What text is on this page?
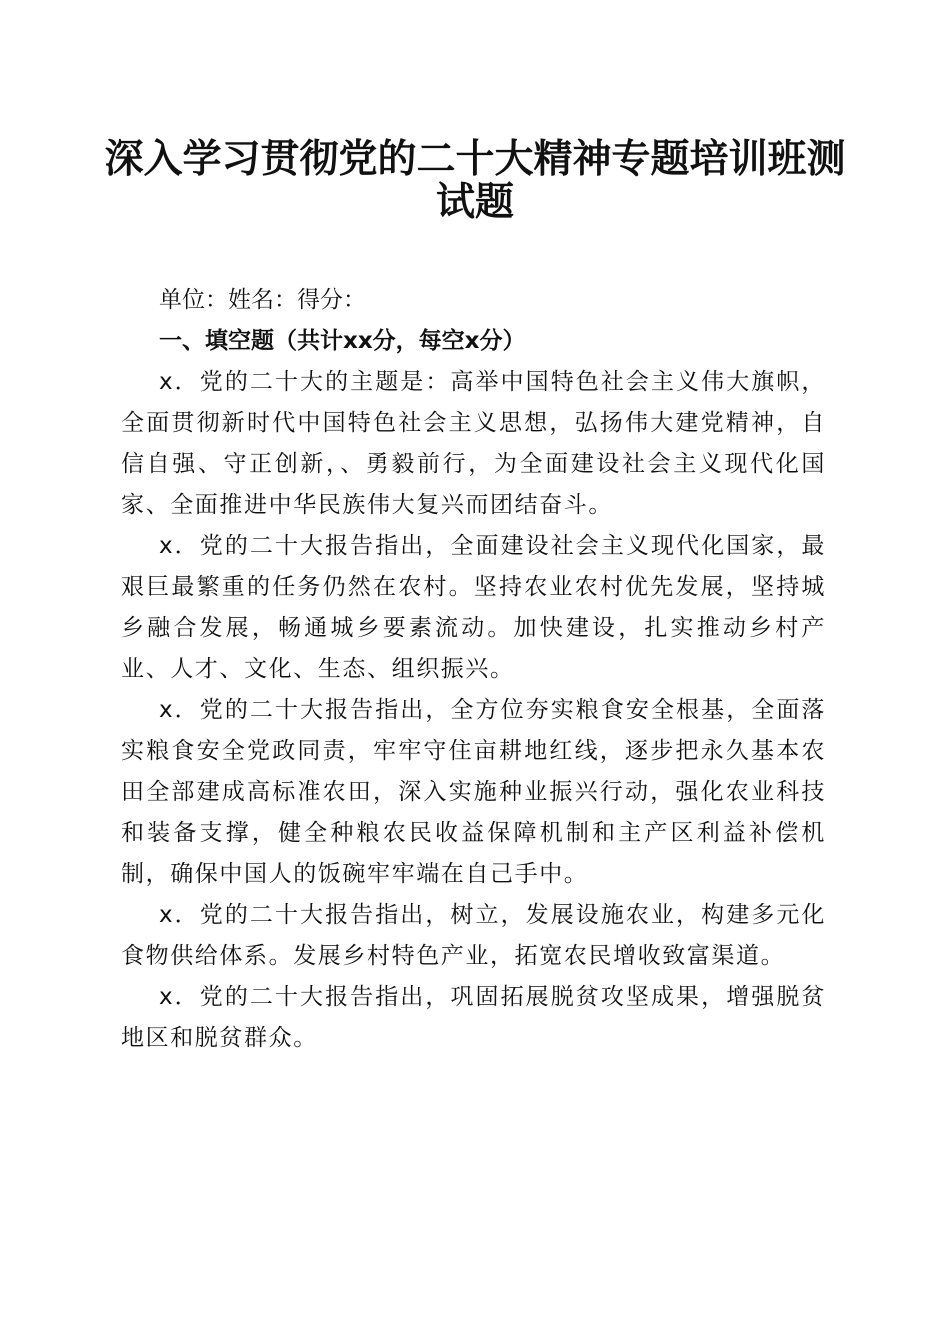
深入学习贯彻党的二十大精神专题培训班测试题

单位：姓名：得分：

一、填空题（共计xx分，每空x分）

x．党的二十大的主题是：高举中国特色社会主义伟大旗帜，全面贯彻新时代中国特色社会主义思想，弘扬伟大建党精神，自信自强、守正创新，、勇毅前行，为全面建设社会主义现代化国家、全面推进中华民族伟大复兴而团结奋斗。

x．党的二十大报告指出，全面建设社会主义现代化国家，最艰巨最繁重的任务仍然在农村。坚持农业农村优先发展，坚持城乡融合发展，畅通城乡要素流动。加快建设，扎实推动乡村产业、人才、文化、生态、组织振兴。

x．党的二十大报告指出，全方位夯实粮食安全根基，全面落实粮食安全党政同责，牢牢守住亩耕地红线，逐步把永久基本农田全部建成高标准农田，深入实施种业振兴行动，强化农业科技和装备支撑，健全种粮农民收益保障机制和主产区利益补偿机制，确保中国人的饭碗牢牢端在自己手中。

x．党的二十大报告指出，树立，发展设施农业，构建多元化食物供给体系。发展乡村特色产业，拓宽农民增收致富渠道。

x．党的二十大报告指出，巩固拓展脱贫攻坚成果，增强脱贫地区和脱贫群众。
